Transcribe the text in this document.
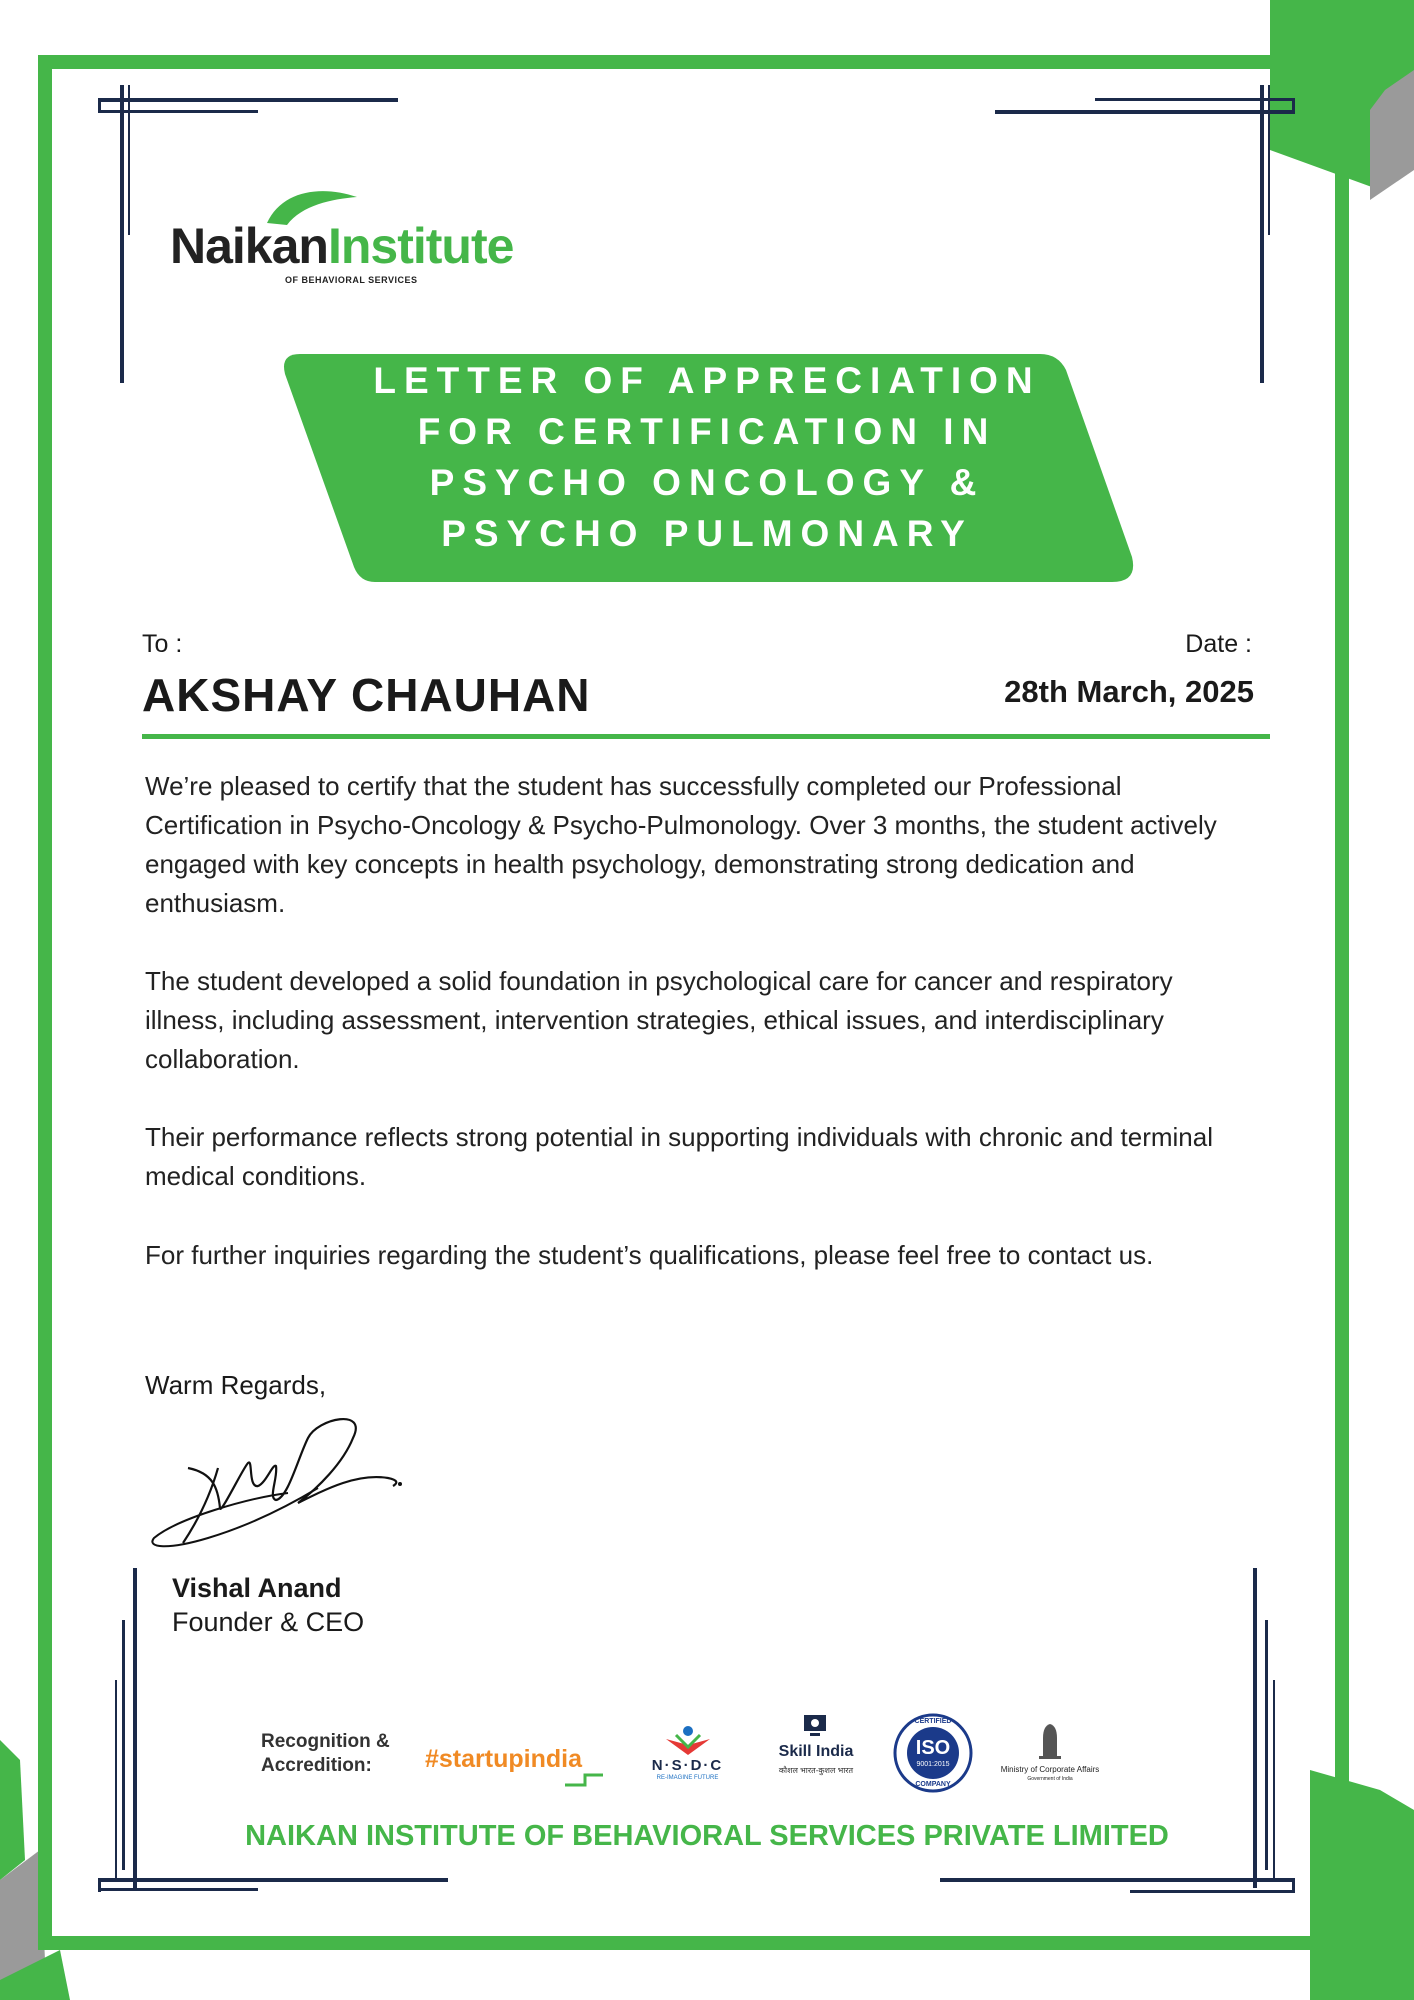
NaikanInstitute
OF BEHAVIORAL SERVICES
LETTER OF APPRECIATION
FOR CERTIFICATION IN
PSYCHO ONCOLOGY &
PSYCHO PULMONARY
To :
AKSHAY CHAUHAN
Date :
28th March, 2025
We’re pleased to certify that the student has successfully completed our Professional Certification in Psycho-Oncology & Psycho-Pulmonology. Over 3 months, the student actively engaged with key concepts in health psychology, demonstrating strong dedication and enthusiasm.
The student developed a solid foundation in psychological care for cancer and respiratory illness, including assessment, intervention strategies, ethical issues, and interdisciplinary collaboration.
Their performance reflects strong potential in supporting individuals with chronic and terminal medical conditions.
For further inquiries regarding the student’s qualifications, please feel free to contact us.
Warm Regards,
Vishal Anand
Founder & CEO
Recognition &
Accredition:	#startupindia	N·S·D·C
RE-IMAGINE FUTURE
Skill India
कौशल भारत-कुशल भारत
CERTIFIED
ISO
9001:2015
COMPANY
Ministry of Corporate Affairs
Government of India
NAIKAN INSTITUTE OF BEHAVIORAL SERVICES PRIVATE LIMITED
